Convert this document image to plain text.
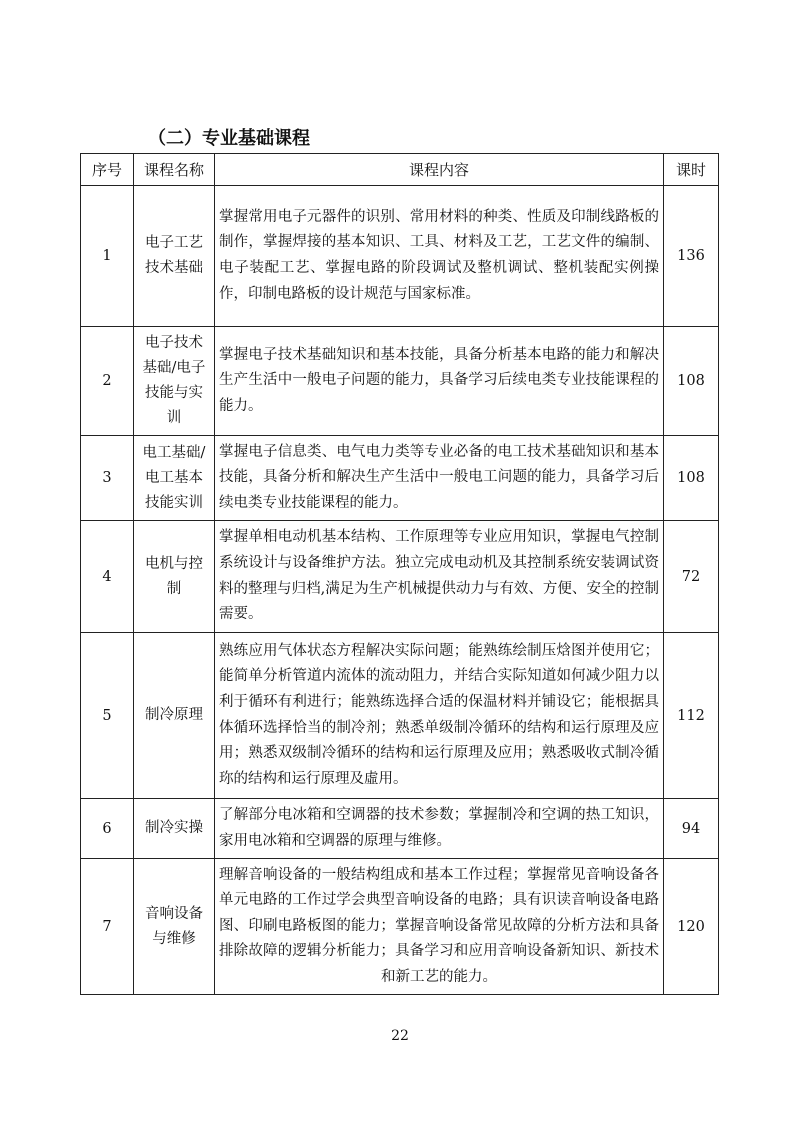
（二）专业基础课程
序号	课程名称	课程内容	课时
1	电子工艺技术基础	掌握常用电子元器件的识别、常用材料的种类、性质及印制线路板的制作，掌握焊接的基本知识、工具、材料及工艺，工艺文件的编制、电子装配工艺、掌握电路的阶段调试及整机调试、整机装配实例操作，印制电路板的设计规范与国家标准。	136
2	电子技术基础/电子技能与实训	掌握电子技术基础知识和基本技能，具备分析基本电路的能力和解决生产生活中一般电子问题的能力，具备学习后续电类专业技能课程的能力。	108
3	电工基础/电工基本技能实训	掌握电子信息类、电气电力类等专业必备的电工技术基础知识和基本技能，具备分析和解决生产生活中一般电工问题的能力，具备学习后续电类专业技能课程的能力。	108
4	电机与控制	掌握单相电动机基本结构、工作原理等专业应用知识，掌握电气控制系统设计与设备维护方法。独立完成电动机及其控制系统安装调试资料的整理与归档,满足为生产机械提供动力与有效、方便、安全的控制需要。	72
5	制冷原理	熟练应用气体状态方程解决实际问题；能熟练绘制压焓图并使用它；能简单分析管道内流体的流动阻力，并结合实际知道如何减少阻力以利于循环有利进行；能熟练选择合适的保温材料并铺设它；能根据具体循环选择恰当的制冷剂；熟悉单级制冷循环的结构和运行原理及应用；熟悉双级制冷循环的结构和运行原理及应用；熟悉吸收式制冷循珎的结构和运行原理及虛用。	112
6	制冷实操	了解部分电冰箱和空调器的技术参数；掌握制冷和空调的热工知识，家用电冰箱和空调器的原理与维修。	94
7	音响设备与维修	理解音响设备的一般结构组成和基本工作过程；掌握常见音响设备各单元电路的工作过学会典型音响设备的电路；具有识读音响设备电路图、印刷电路板图的能力；掌握音响设备常见故障的分析方法和具备排除故障的逻辑分析能力；具备学习和应用音响设备新知识、新技术和新工艺的能力。	120
22
